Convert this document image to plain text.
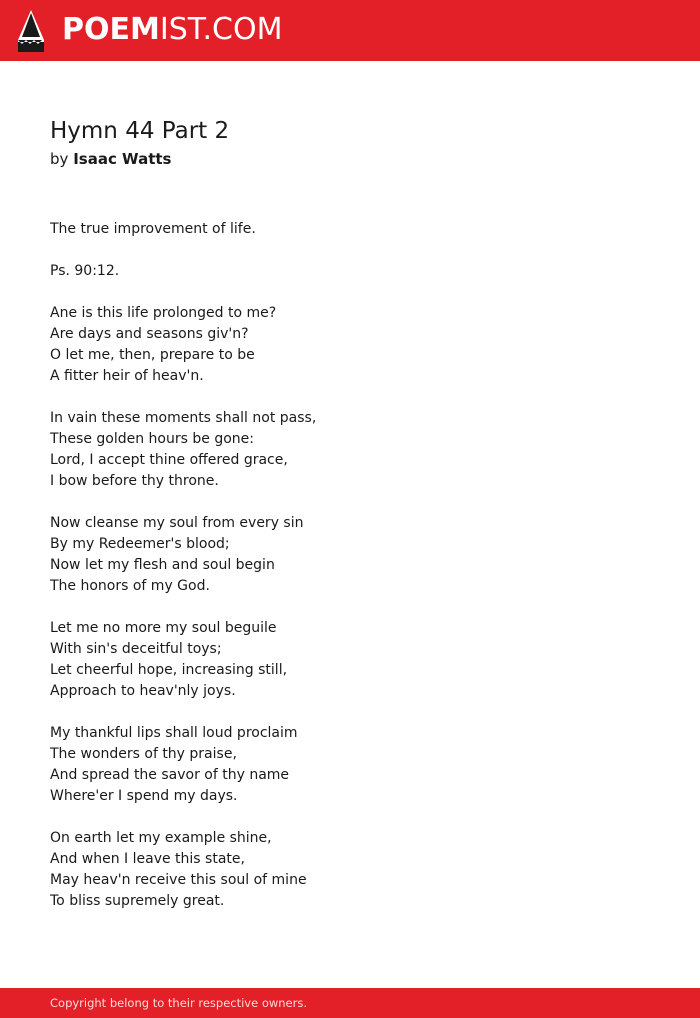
POEMIST.COM
Hymn 44 Part 2
by Isaac Watts
The true improvement of life.
Ps. 90:12.
Ane is this life prolonged to me?
Are days and seasons giv'n?
O let me, then, prepare to be
A fitter heir of heav'n.
In vain these moments shall not pass,
These golden hours be gone:
Lord, I accept thine offered grace,
I bow before thy throne.
Now cleanse my soul from every sin
By my Redeemer's blood;
Now let my flesh and soul begin
The honors of my God.
Let me no more my soul beguile
With sin's deceitful toys;
Let cheerful hope, increasing still,
Approach to heav'nly joys.
My thankful lips shall loud proclaim
The wonders of thy praise,
And spread the savor of thy name
Where'er I spend my days.
On earth let my example shine,
And when I leave this state,
May heav'n receive this soul of mine
To bliss supremely great.
Copyright belong to their respective owners.
